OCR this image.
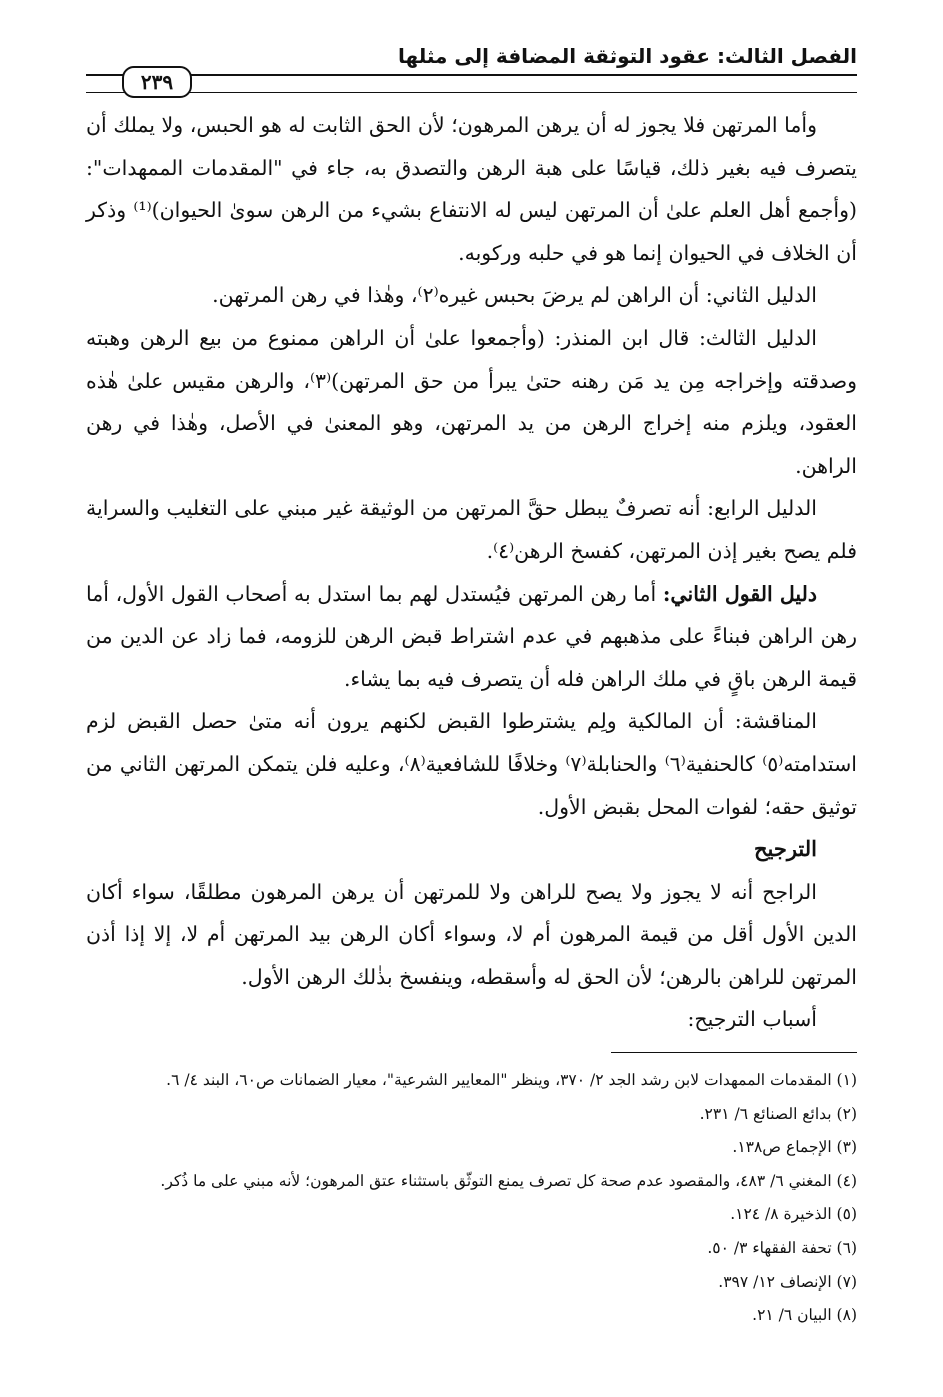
الفصل الثالث: عقود التوثقة المضافة إلى مثلها
٢٣٩

وأما المرتهن فلا يجوز له أن يرهن المرهون؛ لأن الحق الثابت له هو الحبس، ولا يملك أن يتصرف فيه بغير ذلك، قياسًا على هبة الرهن والتصدق به، جاء في "المقدمات الممهدات": (وأجمع أهل العلم علىٰ أن المرتهن ليس له الانتفاع بشيء من الرهن سوىٰ الحيوان)⁽¹⁾ وذكر أن الخلاف في الحيوان إنما هو في حلبه وركوبه.

الدليل الثاني: أن الراهن لم يرضَ بحبس غيره⁽٢⁾، وهٰذا في رهن المرتهن.

الدليل الثالث: قال ابن المنذر: (وأجمعوا علىٰ أن الراهن ممنوع من بيع الرهن وهبته وصدقته وإخراجه مِن يد مَن رهنه حتىٰ يبرأ من حق المرتهن)⁽٣⁾، والرهن مقيس علىٰ هٰذه العقود، ويلزم منه إخراج الرهن من يد المرتهن، وهو المعنىٰ في الأصل، وهٰذا في رهن الراهن.

الدليل الرابع: أنه تصرفٌ يبطل حقَّ المرتهن من الوثيقة غير مبني على التغليب والسراية فلم يصح بغير إذن المرتهن، كفسخ الرهن⁽٤⁾.

دليل القول الثاني: أما رهن المرتهن فيُستدل لهم بما استدل به أصحاب القول الأول، أما رهن الراهن فبناءً على مذهبهم في عدم اشتراط قبض الرهن للزومه، فما زاد عن الدين من قيمة الرهن باقٍ في ملك الراهن فله أن يتصرف فيه بما يشاء.

المناقشة: أن المالكية ولِم يشترطوا القبض لكنهم يرون أنه متىٰ حصل القبض لزم استدامته⁽٥⁾ كالحنفية⁽٦⁾ والحنابلة⁽٧⁾ وخلافًا للشافعية⁽٨⁾، وعليه فلن يتمكن المرتهن الثاني من توثيق حقه؛ لفوات المحل بقبض الأول.

الترجيح

الراجح أنه لا يجوز ولا يصح للراهن ولا للمرتهن أن يرهن المرهون مطلقًا، سواء أكان الدين الأول أقل من قيمة المرهون أم لا، وسواء أكان الرهن بيد المرتهن أم لا، إلا إذا أذن المرتهن للراهن بالرهن؛ لأن الحق له وأسقطه، وينفسخ بذٰلك الرهن الأول.

أسباب الترجيح:

(١) المقدمات الممهدات لابن رشد الجد ٢/ ٣٧٠، وينظر "المعايير الشرعية"، معيار الضمانات ص٦٠، البند ٤/ ٦.

(٢) بدائع الصنائع ٦/ ٢٣١.

(٣) الإجماع ص١٣٨.

(٤) المغني ٦/ ٤٨٣، والمقصود عدم صحة كل تصرف يمنع التوثّق باستثناء عتق المرهون؛ لأنه مبني على ما ذُكر.

(٥) الذخيرة ٨/ ١٢٤.

(٦) تحفة الفقهاء ٣/ ٥٠.

(٧) الإنصاف ١٢/ ٣٩٧.

(٨) البيان ٦/ ٢١.
